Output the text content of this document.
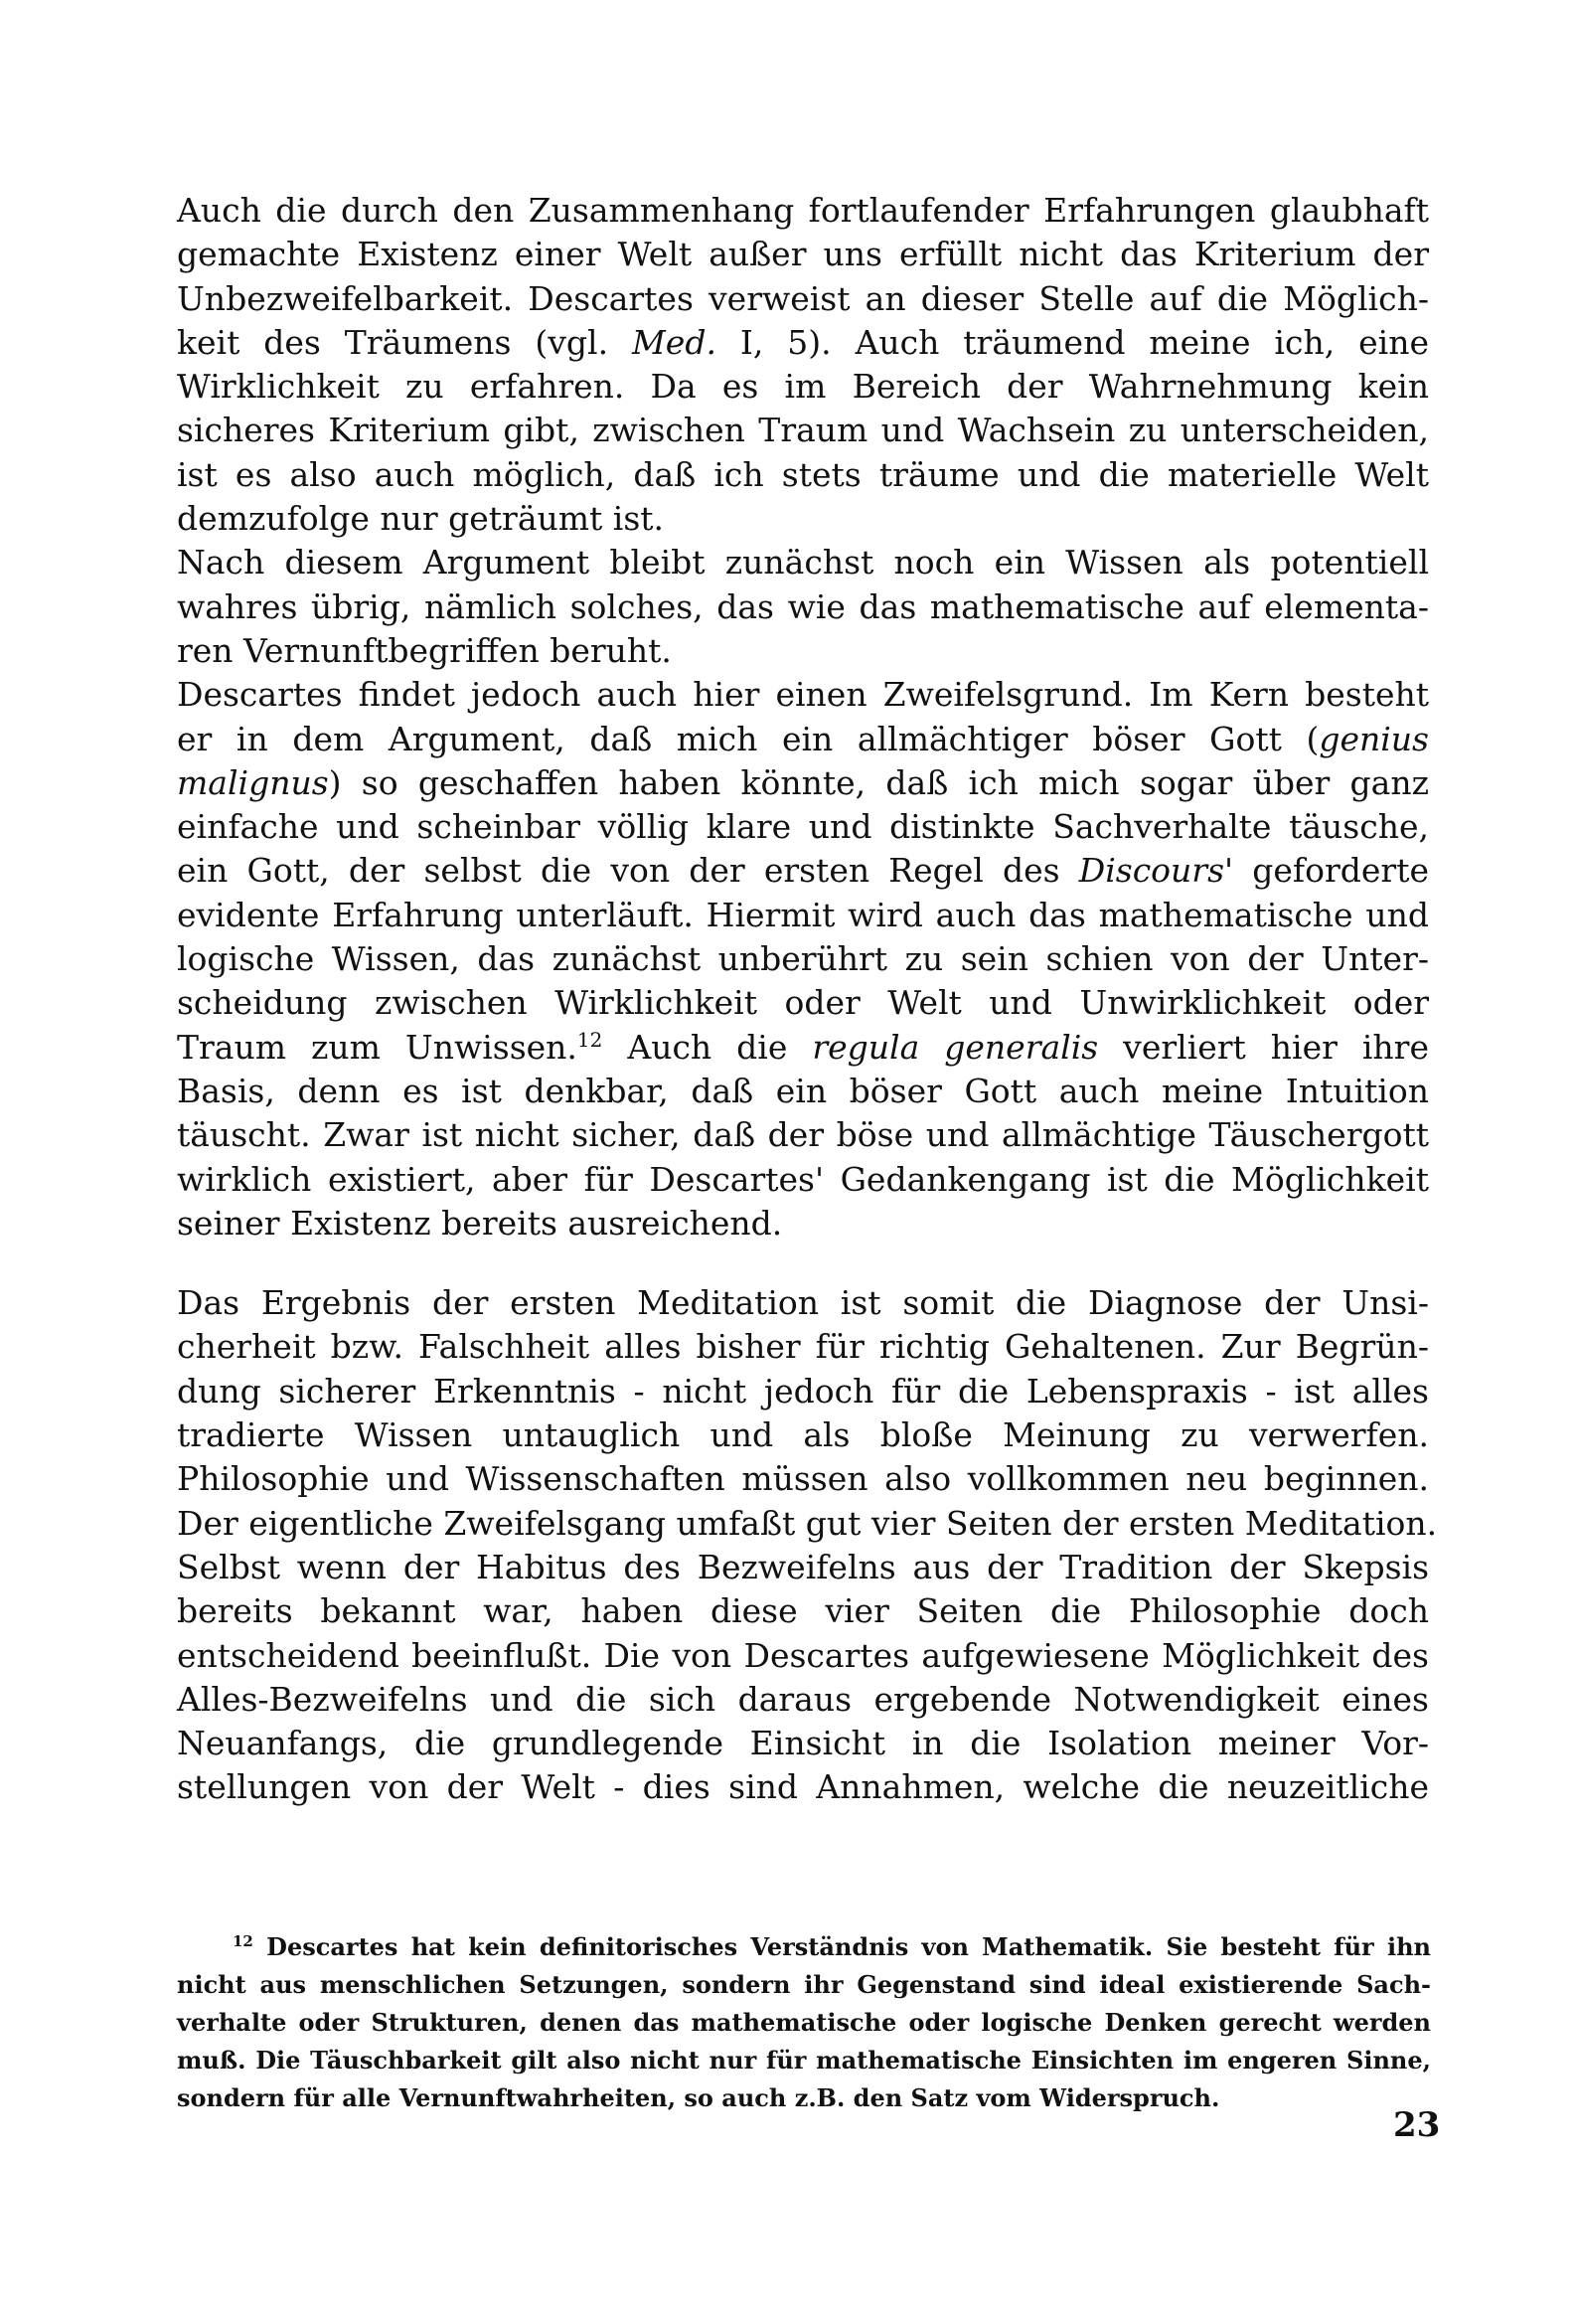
Auch die durch den Zusammenhang fortlaufender Erfahrungen glaubhaft
gemachte Existenz einer Welt außer uns erfüllt nicht das Kriterium der
Unbezweifelbarkeit. Descartes verweist an dieser Stelle auf die Möglich-
keit des Träumens (vgl. Med. I, 5). Auch träumend meine ich, eine
Wirklichkeit zu erfahren. Da es im Bereich der Wahrnehmung kein
sicheres Kriterium gibt, zwischen Traum und Wachsein zu unterscheiden,
ist es also auch möglich, daß ich stets träume und die materielle Welt
demzufolge nur geträumt ist.
Nach diesem Argument bleibt zunächst noch ein Wissen als potentiell
wahres übrig, nämlich solches, das wie das mathematische auf elementa-
ren Vernunftbegriffen beruht.
Descartes findet jedoch auch hier einen Zweifelsgrund. Im Kern besteht
er in dem Argument, daß mich ein allmächtiger böser Gott (genius
malignus) so geschaffen haben könnte, daß ich mich sogar über ganz
einfache und scheinbar völlig klare und distinkte Sachverhalte täusche,
ein Gott, der selbst die von der ersten Regel des Discours' geforderte
evidente Erfahrung unterläuft. Hiermit wird auch das mathematische und
logische Wissen, das zunächst unberührt zu sein schien von der Unter-
scheidung zwischen Wirklichkeit oder Welt und Unwirklichkeit oder
Traum zum Unwissen.$^{12}$ Auch die regula generalis verliert hier ihre
Basis, denn es ist denkbar, daß ein böser Gott auch meine Intuition
täuscht. Zwar ist nicht sicher, daß der böse und allmächtige Täuschergott
wirklich existiert, aber für Descartes' Gedankengang ist die Möglichkeit
seiner Existenz bereits ausreichend.
Das Ergebnis der ersten Meditation ist somit die Diagnose der Unsi-
cherheit bzw. Falschheit alles bisher für richtig Gehaltenen. Zur Begrün-
dung sicherer Erkenntnis - nicht jedoch für die Lebenspraxis - ist alles
tradierte Wissen untauglich und als bloße Meinung zu verwerfen.
Philosophie und Wissenschaften müssen also vollkommen neu beginnen.
Der eigentliche Zweifelsgang umfaßt gut vier Seiten der ersten Meditation.
Selbst wenn der Habitus des Bezweifelns aus der Tradition der Skepsis
bereits bekannt war, haben diese vier Seiten die Philosophie doch
entscheidend beeinflußt. Die von Descartes aufgewiesene Möglichkeit des
Alles-Bezweifelns und die sich daraus ergebende Notwendigkeit eines
Neuanfangs, die grundlegende Einsicht in die Isolation meiner Vor-
stellungen von der Welt - dies sind Annahmen, welche die neuzeitliche
$^{12}$ Descartes hat kein definitorisches Verständnis von Mathematik. Sie besteht für ihn
nicht aus menschlichen Setzungen, sondern ihr Gegenstand sind ideal existierende Sach-
verhalte oder Strukturen, denen das mathematische oder logische Denken gerecht werden
muß. Die Täuschbarkeit gilt also nicht nur für mathematische Einsichten im engeren Sinne,
sondern für alle Vernunftwahrheiten, so auch z.B. den Satz vom Widerspruch.
23
